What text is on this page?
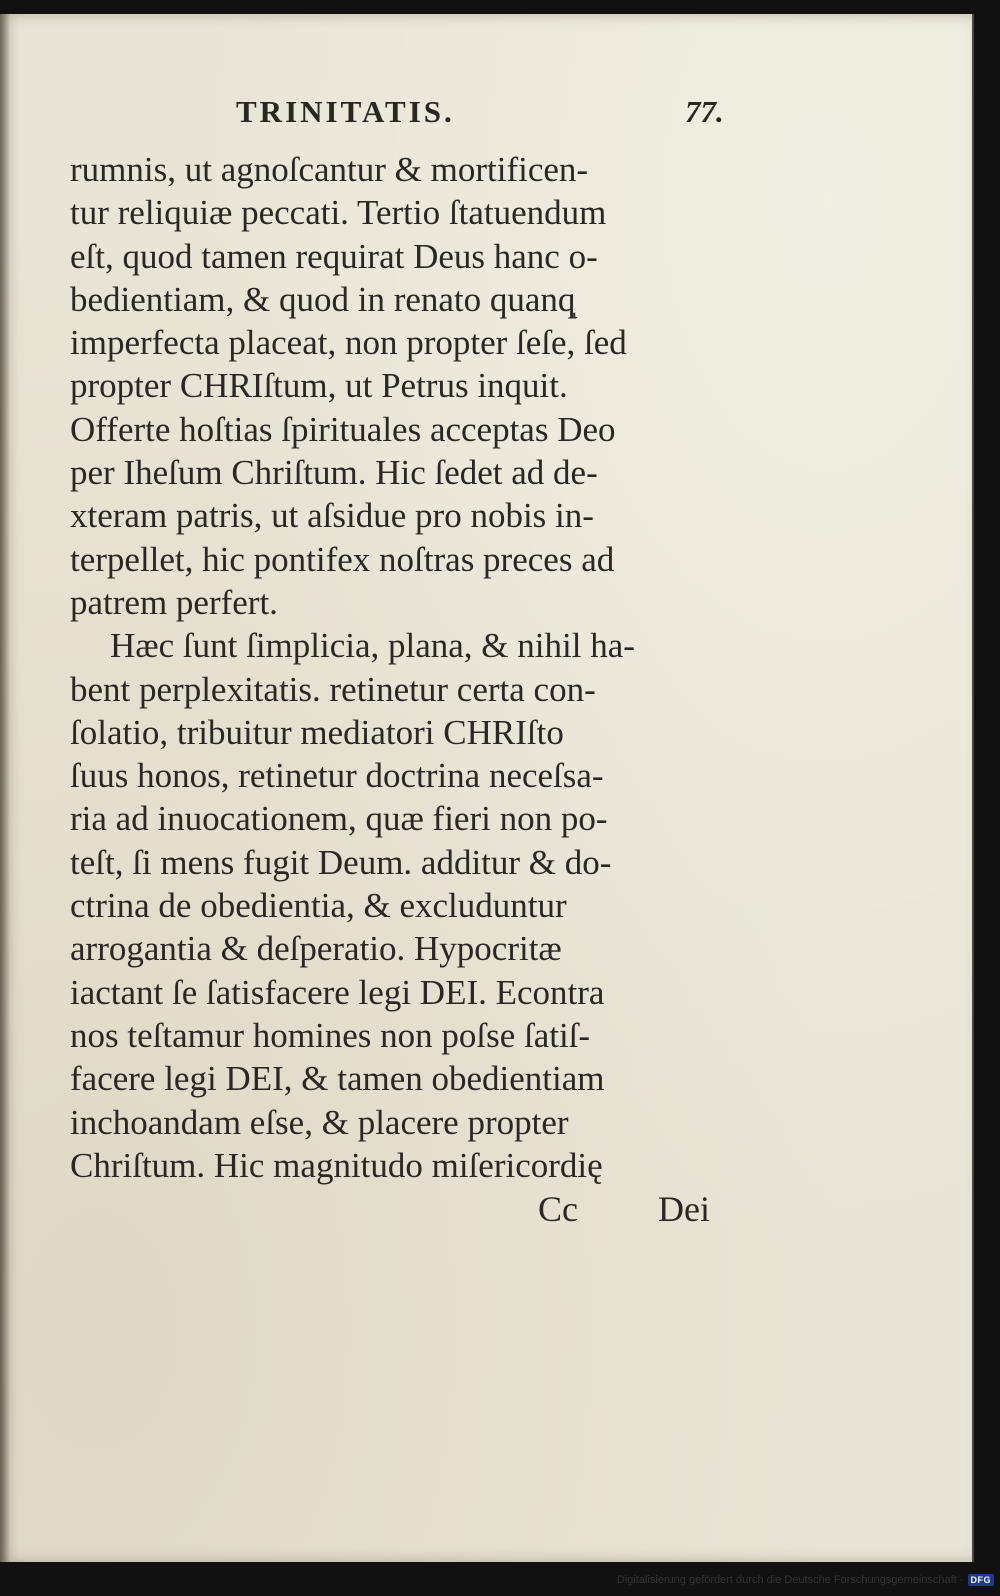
TRINITATIS.	77.
rumnis, ut agnoſcantur & mortificen-
tur reliquiæ peccati. Tertio ſtatuendum
eſt, quod tamen requirat Deus hanc o-
bedientiam, & quod in renato quanqͅ
imperfecta placeat, non propter ſeſe, ſed
propter CHRIſtum, ut Petrus inquit.
Offerte hoſtias ſpirituales acceptas Deo
per Iheſum Chriſtum. Hic ſedet ad de-
xteram patris, ut aſsidue pro nobis in-
terpellet, hic pontifex noſtras preces ad
patrem perfert.
Hæc ſunt ſimplicia, plana, & nihil ha-
bent perplexitatis. retinetur certa con-
ſolatio, tribuitur mediatori CHRIſto
ſuus honos, retinetur doctrina neceſsa-
ria ad inuocationem, quæ fieri non po-
teſt, ſi mens fugit Deum. additur & do-
ctrina de obedientia, & excluduntur
arrogantia & deſperatio. Hypocritæ
iactant ſe ſatisfacere legi DEI. Econtra
nos teſtamur homines non poſse ſatiſ-
facere legi DEI, & tamen obedientiam
inchoandam eſse, & placere propter
Chriſtum. Hic magnitudo miſericordię
Cc Dei
Digitalisierung gefördert durch die Deutsche Forschungsgemeinschaft - DFG
